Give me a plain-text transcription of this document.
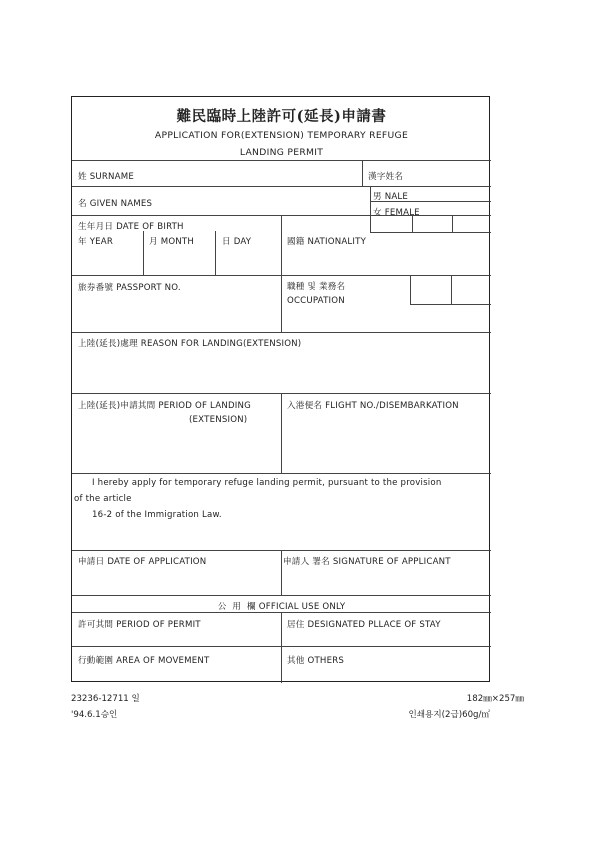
難民臨時上陸許可(延長)申請書
APPLICATION FOR(EXTENSION) TEMPORARY REFUGE
LANDING PERMIT
姓 SURNAME	漢字姓名
名 GIVEN NAMES
男 NALE
女 FEMALE
生年月日 DATE OF BIRTH
年 YEAR	月 MONTH	日 DAY	國籍 NATIONALITY
旅券番號 PASSPORT NO.	職種 및 業務名
OCCUPATION
上陸(延長)處理 REASON FOR LANDING(EXTENSION)
上陸(延長)申請其間 PERIOD OF LANDING
(EXTENSION)
入港便名 FLIGHT NO./DISEMBARKATION
I hereby apply for temporary refuge landing permit, pursuant to the provision
of the article
16-2 of the Immigration Law.
申請日 DATE OF APPLICATION	申請人 署名 SIGNATURE OF APPLICANT
公  用  欄 OFFICIAL USE ONLY
許可其間 PERIOD OF PERMIT	居住 DESIGNATED PLLACE OF STAY
行動範圍 AREA OF MOVEMENT	其他 OTHERS
23236-12711 일
'94.6.1승인
182㎜×257㎜
인쇄용지(2급)60g/㎡
